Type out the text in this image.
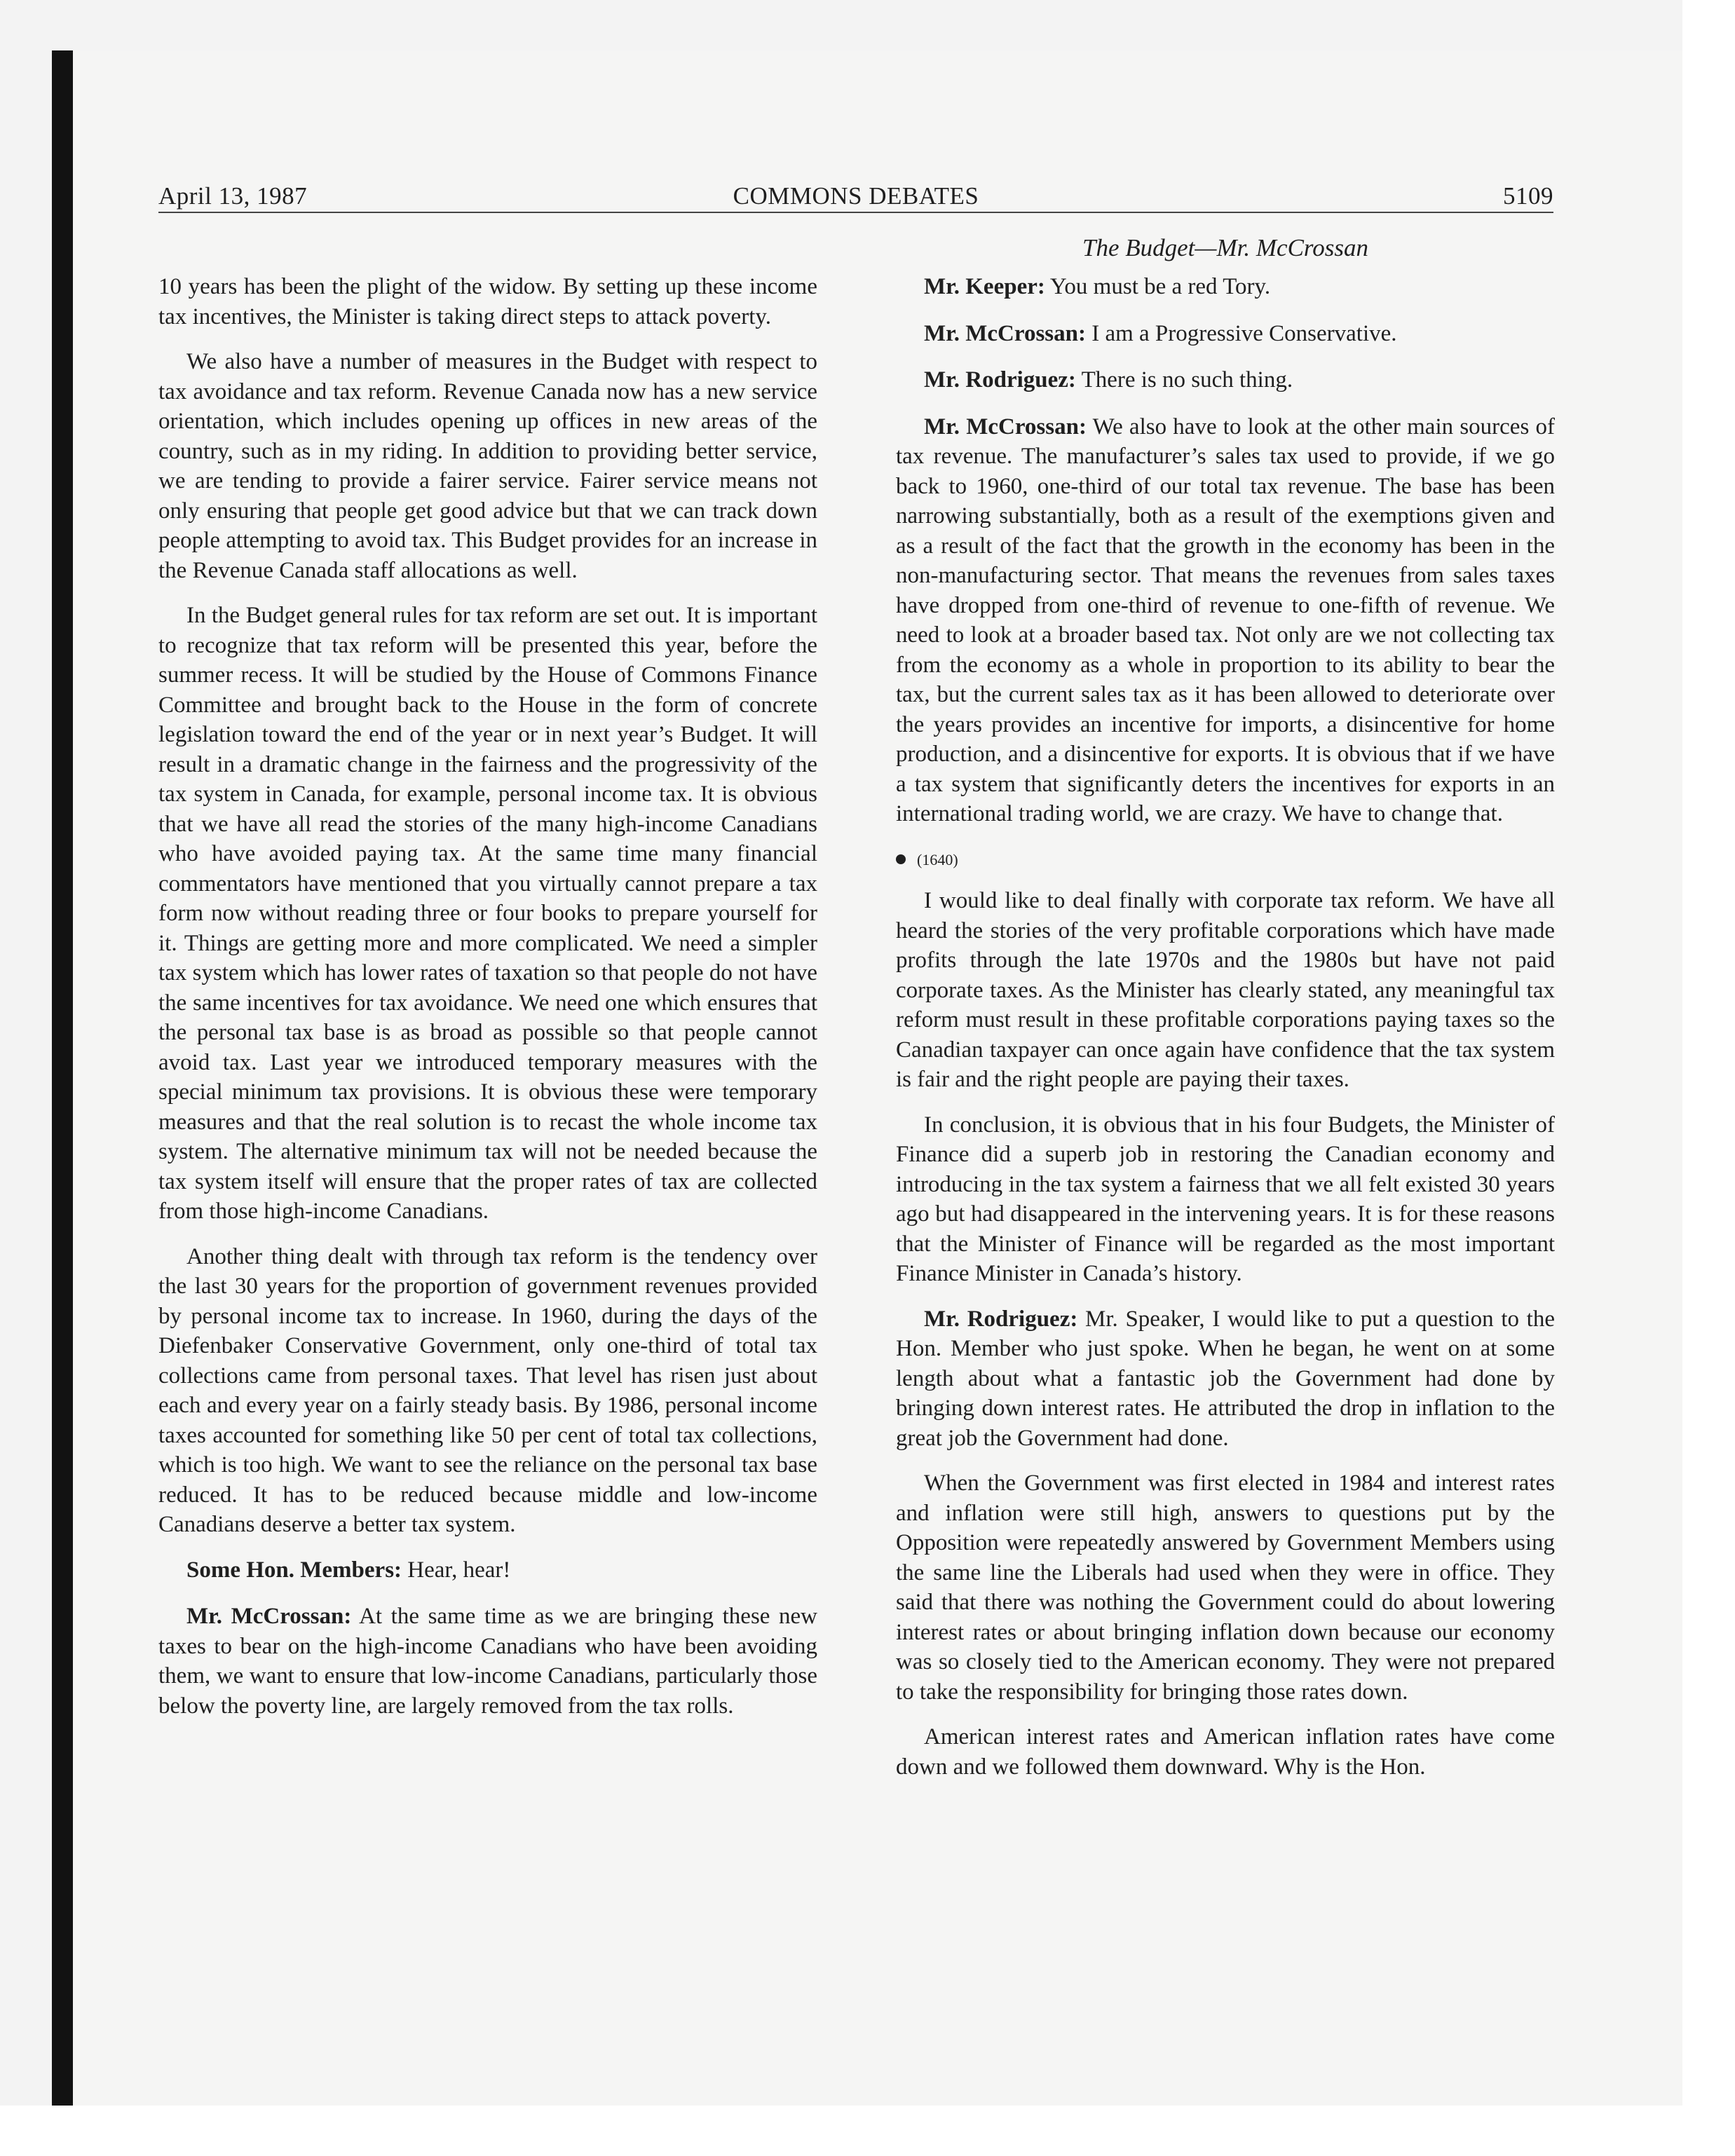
April 13, 1987	COMMONS DEBATES	5109
The Budget—Mr. McCrossan

10 years has been the plight of the widow. By setting up these income tax incentives, the Minister is taking direct steps to attack poverty.

We also have a number of measures in the Budget with respect to tax avoidance and tax reform. Revenue Canada now has a new service orientation, which includes opening up offices in new areas of the country, such as in my riding. In addition to providing better service, we are tending to provide a fairer service. Fairer service means not only ensuring that people get good advice but that we can track down people attempting to avoid tax. This Budget provides for an increase in the Revenue Canada staff allocations as well.

In the Budget general rules for tax reform are set out. It is important to recognize that tax reform will be presented this year, before the summer recess. It will be studied by the House of Commons Finance Committee and brought back to the House in the form of concrete legislation toward the end of the year or in next year’s Budget. It will result in a dramatic change in the fairness and the progressivity of the tax system in Canada, for example, personal income tax. It is obvious that we have all read the stories of the many high-income Canadians who have avoided paying tax. At the same time many financial commentators have mentioned that you virtually cannot prepare a tax form now without reading three or four books to prepare yourself for it. Things are getting more and more complicated. We need a simpler tax system which has lower rates of taxation so that people do not have the same incentives for tax avoidance. We need one which ensures that the personal tax base is as broad as possible so that people cannot avoid tax. Last year we introduced temporary measures with the special minimum tax provisions. It is obvious these were temporary measures and that the real solution is to recast the whole income tax system. The alternative minimum tax will not be needed because the tax system itself will ensure that the proper rates of tax are collected from those high-income Canadians.

Another thing dealt with through tax reform is the tendency over the last 30 years for the proportion of government revenues provided by personal income tax to increase. In 1960, during the days of the Diefenbaker Conservative Government, only one-third of total tax collections came from personal taxes. That level has risen just about each and every year on a fairly steady basis. By 1986, personal income taxes accounted for something like 50 per cent of total tax collections, which is too high. We want to see the reliance on the personal tax base reduced. It has to be reduced because middle and low-income Canadians deserve a better tax system.

Some Hon. Members: Hear, hear!

Mr. McCrossan: At the same time as we are bringing these new taxes to bear on the high-income Canadians who have been avoiding them, we want to ensure that low-income Canadians, particularly those below the poverty line, are largely removed from the tax rolls.

Mr. Keeper: You must be a red Tory.

Mr. McCrossan: I am a Progressive Conservative.

Mr. Rodriguez: There is no such thing.

Mr. McCrossan: We also have to look at the other main sources of tax revenue. The manufacturer’s sales tax used to provide, if we go back to 1960, one-third of our total tax revenue. The base has been narrowing substantially, both as a result of the exemptions given and as a result of the fact that the growth in the economy has been in the non-manufacturing sector. That means the revenues from sales taxes have dropped from one-third of revenue to one-fifth of revenue. We need to look at a broader based tax. Not only are we not collecting tax from the economy as a whole in proportion to its ability to bear the tax, but the current sales tax as it has been allowed to deteriorate over the years provides an incentive for imports, a disincentive for home production, and a disincentive for exports. It is obvious that if we have a tax system that significantly deters the incentives for exports in an international trading world, we are crazy. We have to change that.

(1640)

I would like to deal finally with corporate tax reform. We have all heard the stories of the very profitable corporations which have made profits through the late 1970s and the 1980s but have not paid corporate taxes. As the Minister has clearly stated, any meaningful tax reform must result in these profitable corporations paying taxes so the Canadian taxpayer can once again have confidence that the tax system is fair and the right people are paying their taxes.

In conclusion, it is obvious that in his four Budgets, the Minister of Finance did a superb job in restoring the Canadian economy and introducing in the tax system a fairness that we all felt existed 30 years ago but had disappeared in the intervening years. It is for these reasons that the Minister of Finance will be regarded as the most important Finance Minister in Canada’s history.

Mr. Rodriguez: Mr. Speaker, I would like to put a question to the Hon. Member who just spoke. When he began, he went on at some length about what a fantastic job the Government had done by bringing down interest rates. He attributed the drop in inflation to the great job the Government had done.

When the Government was first elected in 1984 and interest rates and inflation were still high, answers to questions put by the Opposition were repeatedly answered by Government Members using the same line the Liberals had used when they were in office. They said that there was nothing the Government could do about lowering interest rates or about bringing inflation down because our economy was so closely tied to the American economy. They were not prepared to take the responsibility for bringing those rates down.

American interest rates and American inflation rates have come down and we followed them downward. Why is the Hon.
